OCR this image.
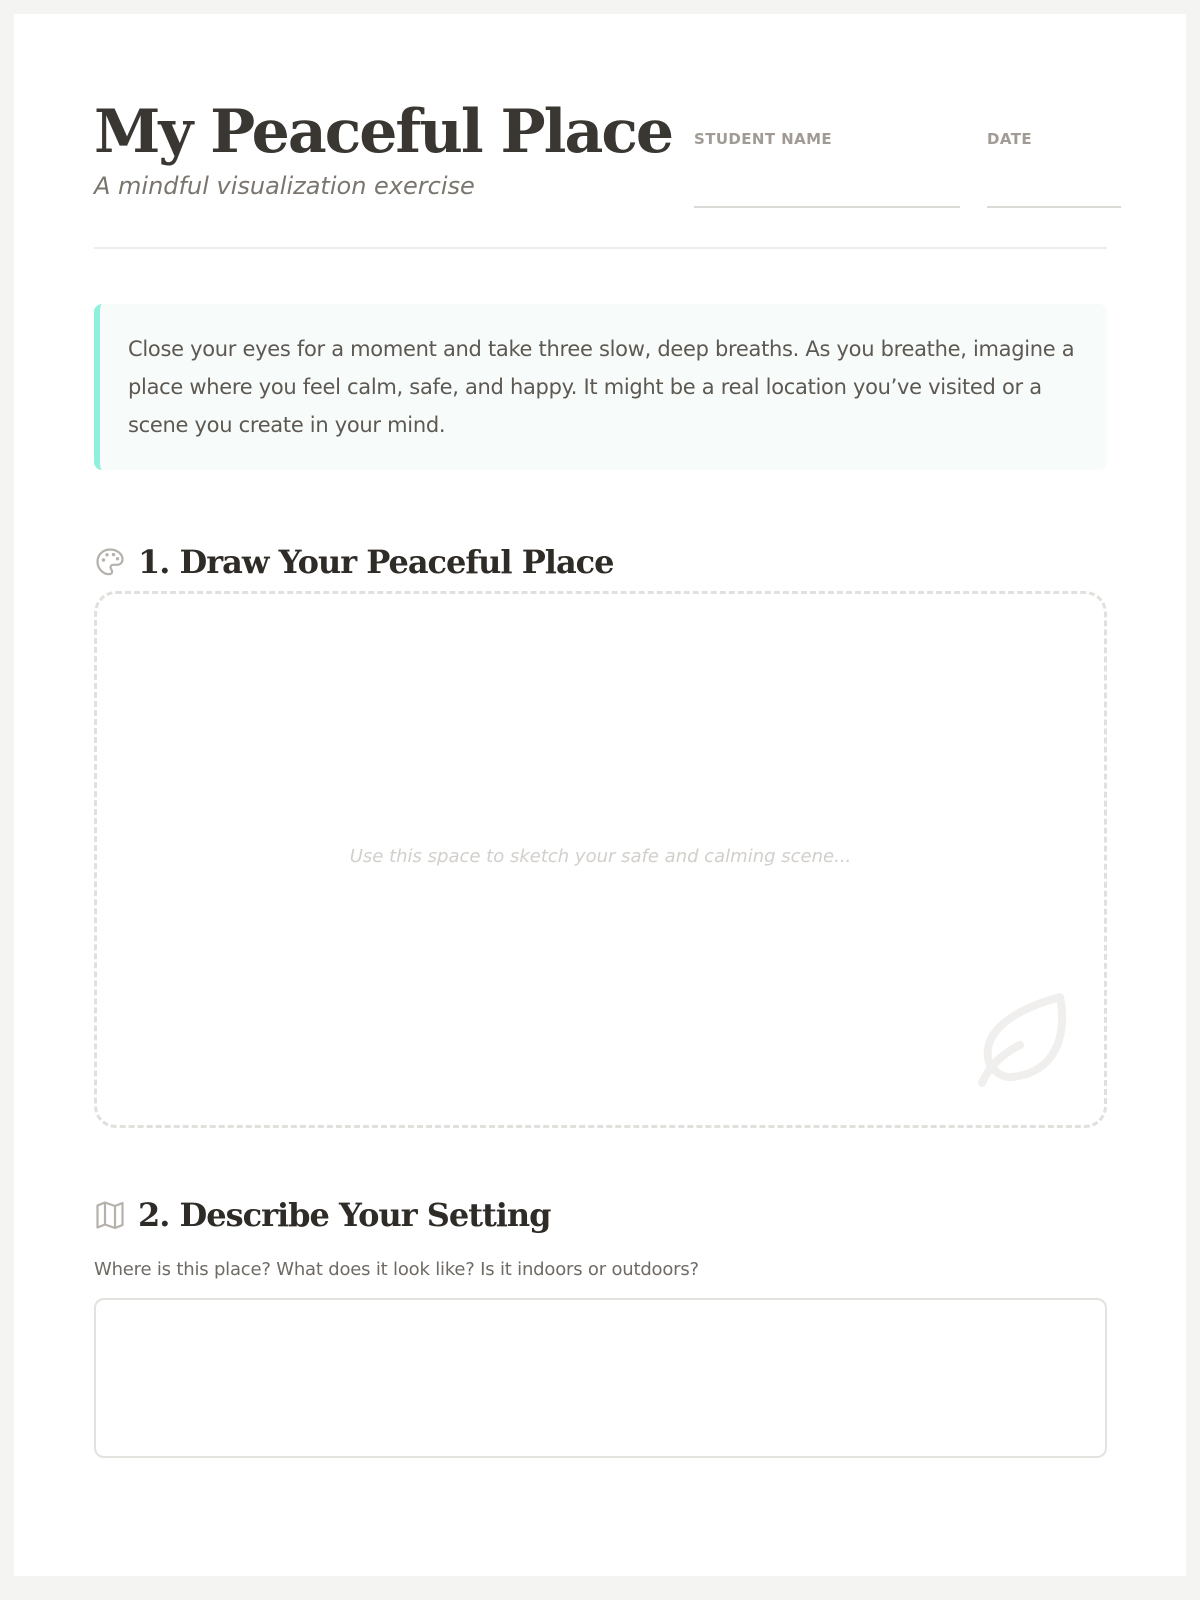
My Peaceful Place

A mindful visualization exercise

STUDENT NAME	DATE

Close your eyes for a moment and take three slow, deep breaths. As you breathe, imagine a place where you feel calm, safe, and happy. It might be a real location you’ve visited or a scene you create in your mind.

1. Draw Your Peaceful Place
Use this space to sketch your safe and calming scene...
2. Describe Your Setting

Where is this place? What does it look like? Is it indoors or outdoors?
